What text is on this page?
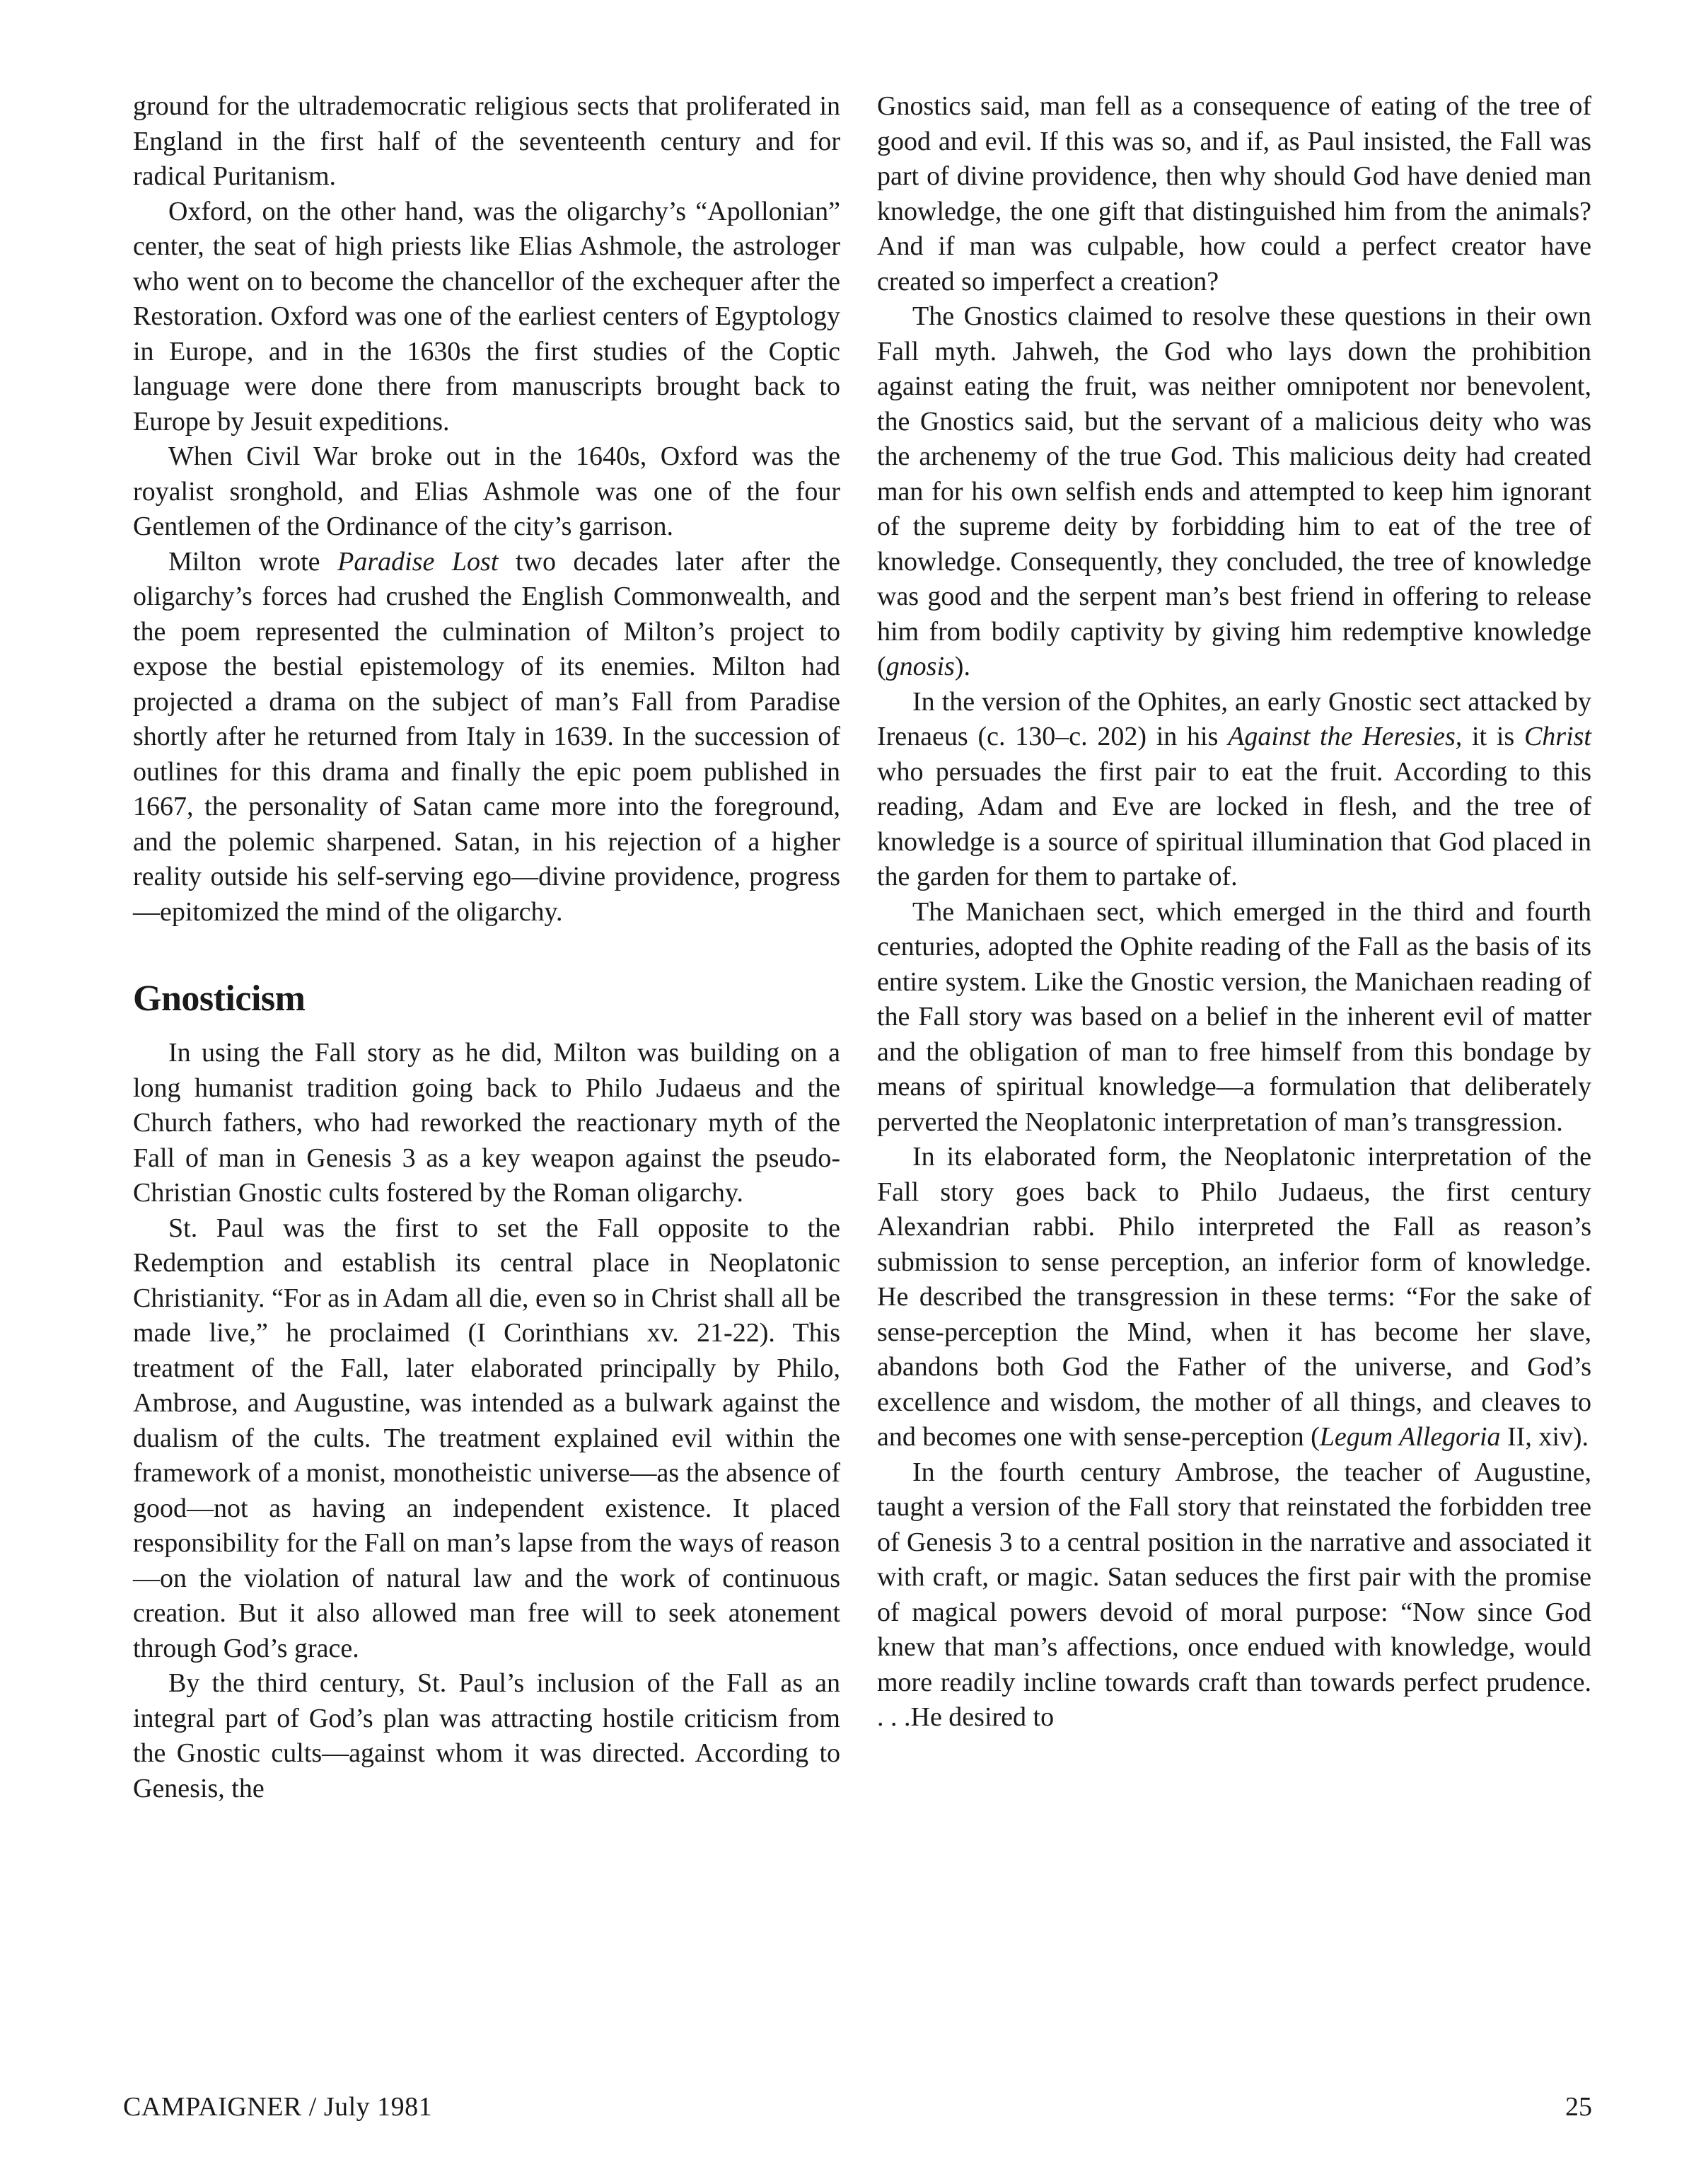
ground for the ultrademocratic religious sects that proliferated in England in the first half of the seventeenth century and for radical Puritanism.

Oxford, on the other hand, was the oligarchy’s “Apollonian” center, the seat of high priests like Elias Ashmole, the astrologer who went on to become the chancellor of the exchequer after the Restoration. Oxford was one of the earliest centers of Egyptology in Europe, and in the 1630s the first studies of the Coptic language were done there from manuscripts brought back to Europe by Jesuit expeditions.

When Civil War broke out in the 1640s, Oxford was the royalist sronghold, and Elias Ashmole was one of the four Gentlemen of the Ordinance of the city’s garrison.

Milton wrote Paradise Lost two decades later after the oligarchy’s forces had crushed the English Commonwealth, and the poem represented the culmination of Milton’s project to expose the bestial epistemology of its enemies. Milton had projected a drama on the subject of man’s Fall from Paradise shortly after he returned from Italy in 1639. In the succession of outlines for this drama and finally the epic poem published in 1667, the personality of Satan came more into the foreground, and the polemic sharpened. Satan, in his rejection of a higher reality outside his self-serving ego—divine providence, progress—epitomized the mind of the oligarchy.

Gnosticism

In using the Fall story as he did, Milton was building on a long humanist tradition going back to Philo Judaeus and the Church fathers, who had reworked the reactionary myth of the Fall of man in Genesis 3 as a key weapon against the pseudo-Christian Gnostic cults fostered by the Roman oligarchy.

St. Paul was the first to set the Fall opposite to the Redemption and establish its central place in Neoplatonic Christianity. “For as in Adam all die, even so in Christ shall all be made live,” he proclaimed (I Corinthians xv. 21-22). This treatment of the Fall, later elaborated principally by Philo, Ambrose, and Augustine, was intended as a bulwark against the dualism of the cults. The treatment explained evil within the framework of a monist, monotheistic universe—as the absence of good—not as having an independent existence. It placed responsibility for the Fall on man’s lapse from the ways of reason—on the violation of natural law and the work of continuous creation. But it also allowed man free will to seek atonement through God’s grace.

By the third century, St. Paul’s inclusion of the Fall as an integral part of God’s plan was attracting hostile criticism from the Gnostic cults—against whom it was directed. According to Genesis, the

Gnostics said, man fell as a consequence of eating of the tree of good and evil. If this was so, and if, as Paul insisted, the Fall was part of divine providence, then why should God have denied man knowledge, the one gift that distinguished him from the animals? And if man was culpable, how could a perfect creator have created so imperfect a creation?

The Gnostics claimed to resolve these questions in their own Fall myth. Jahweh, the God who lays down the prohibition against eating the fruit, was neither omnipotent nor benevolent, the Gnostics said, but the servant of a malicious deity who was the archenemy of the true God. This malicious deity had created man for his own selfish ends and attempted to keep him ignorant of the supreme deity by forbidding him to eat of the tree of knowledge. Consequently, they concluded, the tree of knowledge was good and the serpent man’s best friend in offering to release him from bodily captivity by giving him redemptive knowledge (gnosis).

In the version of the Ophites, an early Gnostic sect attacked by Irenaeus (c. 130–c. 202) in his Against the Heresies, it is Christ who persuades the first pair to eat the fruit. According to this reading, Adam and Eve are locked in flesh, and the tree of knowledge is a source of spiritual illumination that God placed in the garden for them to partake of.

The Manichaen sect, which emerged in the third and fourth centuries, adopted the Ophite reading of the Fall as the basis of its entire system. Like the Gnostic version, the Manichaen reading of the Fall story was based on a belief in the inherent evil of matter and the obligation of man to free himself from this bondage by means of spiritual knowledge—a formulation that deliberately perverted the Neoplatonic interpretation of man’s transgression.

In its elaborated form, the Neoplatonic interpretation of the Fall story goes back to Philo Judaeus, the first century Alexandrian rabbi. Philo interpreted the Fall as reason’s submission to sense perception, an inferior form of knowledge. He described the transgression in these terms: “For the sake of sense-perception the Mind, when it has become her slave, abandons both God the Father of the universe, and God’s excellence and wisdom, the mother of all things, and cleaves to and becomes one with sense-perception (Legum Allegoria II, xiv).

In the fourth century Ambrose, the teacher of Augustine, taught a version of the Fall story that reinstated the forbidden tree of Genesis 3 to a central position in the narrative and associated it with craft, or magic. Satan seduces the first pair with the promise of magical powers devoid of moral purpose: “Now since God knew that man’s affections, once endued with knowledge, would more readily incline towards craft than towards perfect prudence. . . .He desired to

CAMPAIGNER / July 1981	25
